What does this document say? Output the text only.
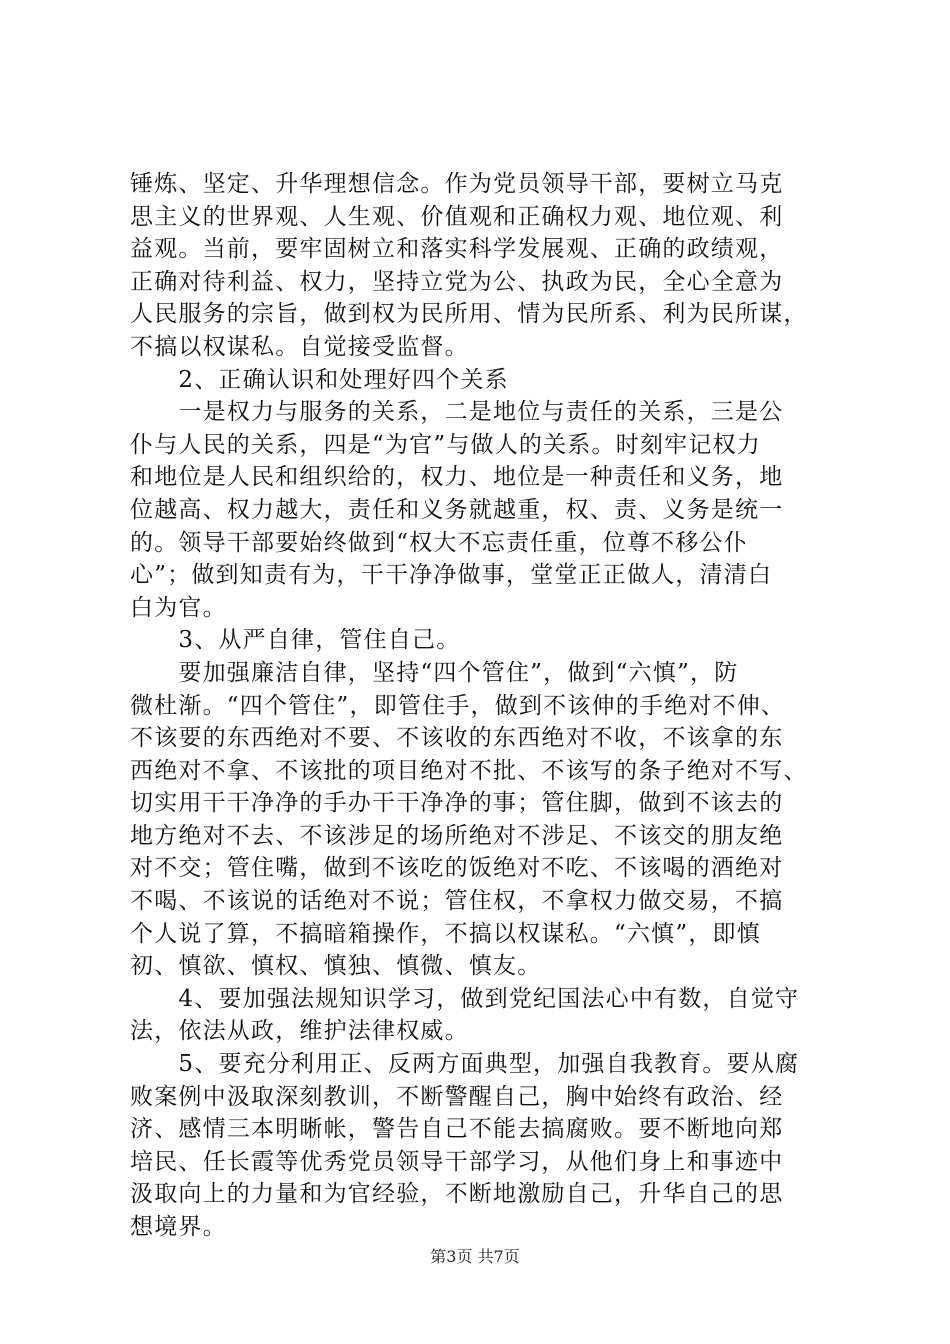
锤炼、坚定、升华理想信念。作为党员领导干部，要树立马克
思主义的世界观、人生观、价值观和正确权力观、地位观、利
益观。当前，要牢固树立和落实科学发展观、正确的政绩观，
正确对待利益、权力，坚持立党为公、执政为民，全心全意为
人民服务的宗旨，做到权为民所用、情为民所系、利为民所谋，
不搞以权谋私。自觉接受监督。
　　2、正确认识和处理好四个关系
　　一是权力与服务的关系，二是地位与责任的关系，三是公
仆与人民的关系，四是“为官”与做人的关系。时刻牢记权力
和地位是人民和组织给的，权力、地位是一种责任和义务，地
位越高、权力越大，责任和义务就越重，权、责、义务是统一
的。领导干部要始终做到“权大不忘责任重，位尊不移公仆
心”；做到知责有为，干干净净做事，堂堂正正做人，清清白
白为官。
　　3、从严自律，管住自己。
　　要加强廉洁自律，坚持“四个管住”，做到“六慎”，防
微杜渐。“四个管住”，即管住手，做到不该伸的手绝对不伸、
不该要的东西绝对不要、不该收的东西绝对不收，不该拿的东
西绝对不拿、不该批的项目绝对不批、不该写的条子绝对不写、
切实用干干净净的手办干干净净的事；管住脚，做到不该去的
地方绝对不去、不该涉足的场所绝对不涉足、不该交的朋友绝
对不交；管住嘴，做到不该吃的饭绝对不吃、不该喝的酒绝对
不喝、不该说的话绝对不说；管住权，不拿权力做交易，不搞
个人说了算，不搞暗箱操作，不搞以权谋私。“六慎”，即慎
初、慎欲、慎权、慎独、慎微、慎友。
　　4、要加强法规知识学习，做到党纪国法心中有数，自觉守
法，依法从政，维护法律权威。
　　5、要充分利用正、反两方面典型，加强自我教育。要从腐
败案例中汲取深刻教训，不断警醒自己，胸中始终有政治、经
济、感情三本明晰帐，警告自己不能去搞腐败。要不断地向郑
培民、任长霞等优秀党员领导干部学习，从他们身上和事迹中
汲取向上的力量和为官经验，不断地激励自己，升华自己的思
想境界。
第3页 共7页
